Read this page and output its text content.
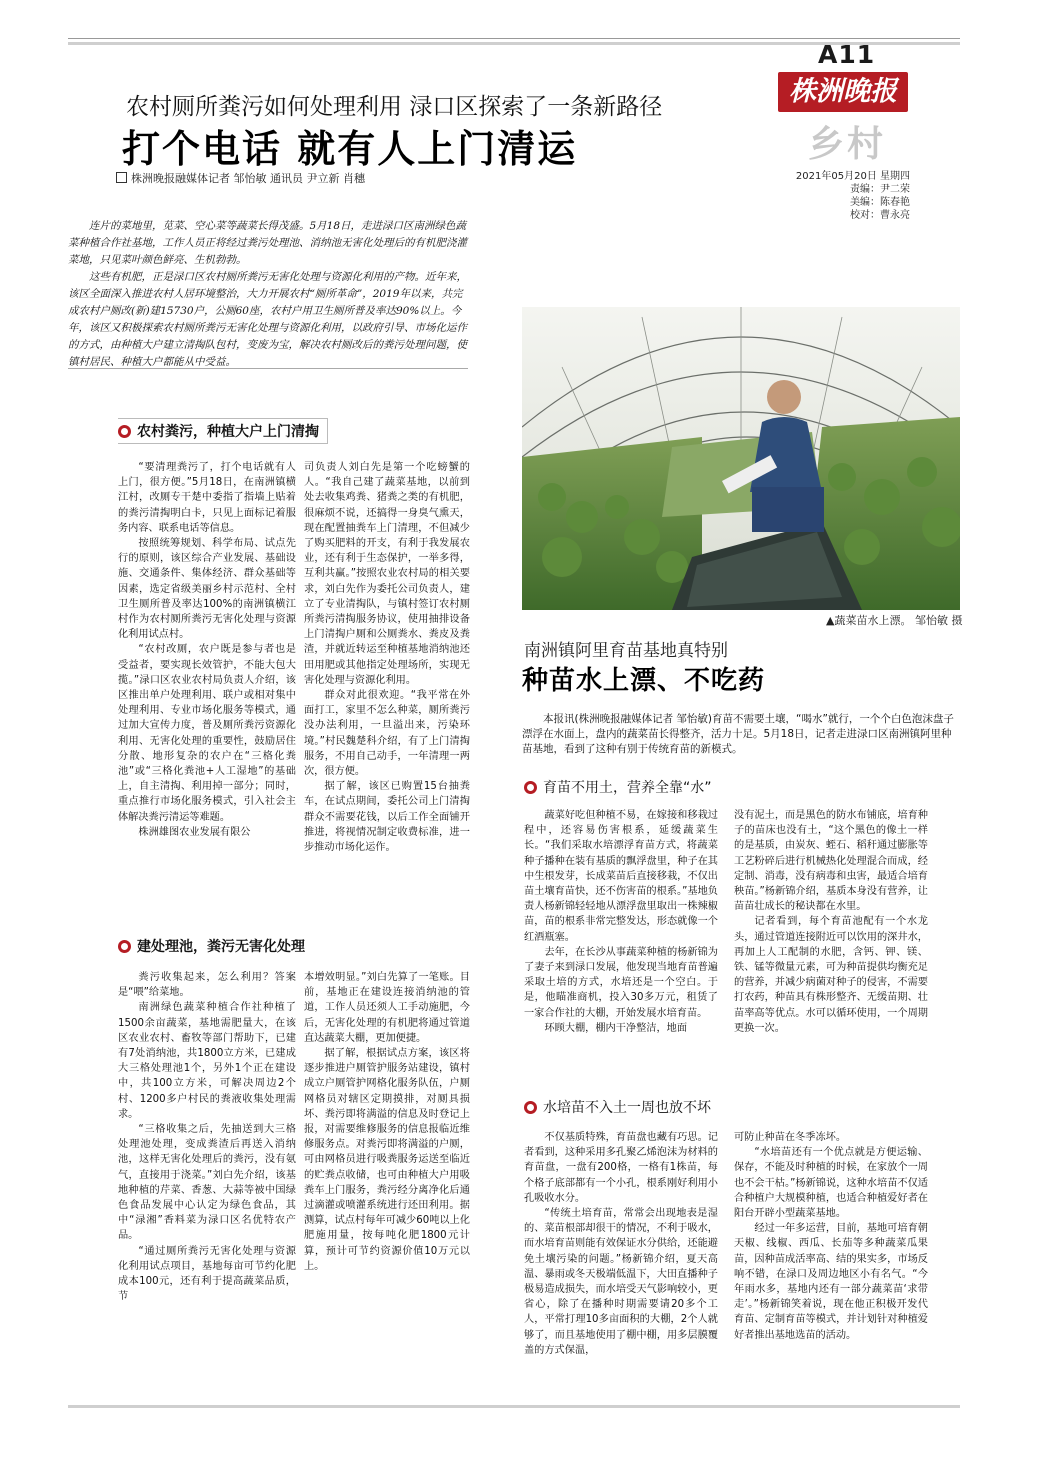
A11
株洲晚报
乡村
2021年05月20日 星期四
责编：尹二荣
美编：陈春艳
校对：曹永亮
农村厕所粪污如何处理利用 渌口区探索了一条新路径
打个电话 就有人上门清运
株洲晚报融媒体记者 邹怡敏 通讯员 尹立新 肖穗

连片的菜地里，苋菜、空心菜等蔬菜长得茂盛。5月18日，走进渌口区南洲绿色蔬菜种植合作社基地，工作人员正将经过粪污处理池、消纳池无害化处理后的有机肥浇灌菜地，只见菜叶颜色鲜亮、生机勃勃。

这些有机肥，正是渌口区农村厕所粪污无害化处理与资源化利用的产物。近年来，该区全面深入推进农村人居环境整治，大力开展农村“厕所革命”，2019年以来，共完成农村户厕改(新)建15730户，公厕60座，农村户用卫生厕所普及率达90%以上。今年，该区又积极探索农村厕所粪污无害化处理与资源化利用，以政府引导、市场化运作的方式，由种植大户建立清掏队包村，变废为宝，解决农村厕改后的粪污处理问题，使镇村居民、种植大户都能从中受益。

农村粪污，种植大户上门清掏

“要清理粪污了，打个电话就有人上门，很方便。”5月18日，在南洲镇横江村，改厕专干楚中委指了指墙上贴着的粪污清掏明白卡，只见上面标记着服务内容、联系电话等信息。

按照统筹规划、科学布局、试点先行的原则，该区综合产业发展、基础设施、交通条件、集体经济、群众基础等因素，选定省级美丽乡村示范村、全村卫生厕所普及率达100%的南洲镇横江村作为农村厕所粪污无害化处理与资源化利用试点村。

“农村改厕，农户既是参与者也是受益者，要实现长效管护，不能大包大揽。”渌口区农业农村局负责人介绍，该区推出单户处理利用、联户或相对集中处理利用、专业市场化服务等模式，通过加大宣传力度，普及厕所粪污资源化利用、无害化处理的重要性，鼓励居住分散、地形复杂的农户在“三格化粪池”或“三格化粪池+人工湿地”的基础上，自主清掏、利用掉一部分；同时，重点推行市场化服务模式，引入社会主体解决粪污清运等难题。

株洲雄图农业发展有限公

司负责人刘白先是第一个吃螃蟹的人。“我自己建了蔬菜基地，以前到处去收集鸡粪、猪粪之类的有机肥，很麻烦不说，还搞得一身臭气熏天，现在配置抽粪车上门清理，不但减少了购买肥料的开支，有利于我发展农业，还有利于生态保护，一举多得，互利共赢。”按照农业农村局的相关要求，刘白先作为委托公司负责人，建立了专业清掏队，与镇村签订农村厕所粪污清掏服务协议，使用抽排设备上门清掏户厕和公厕粪水、粪皮及粪渣，并就近转运至种植基地消纳池还田用肥或其他指定处理场所，实现无害化处理与资源化利用。

群众对此很欢迎。“我平常在外面打工，家里不怎么种菜，厕所粪污没办法利用，一旦溢出来，污染环境。”村民魏楚科介绍，有了上门清掏服务，不用自己动手，一年清理一两次，很方便。

据了解，该区已购置15台抽粪车，在试点期间，委托公司上门清掏群众不需要花钱，以后工作全面铺开推进，将视情况制定收费标准，进一步推动市场化运作。

建处理池，粪污无害化处理

粪污收集起来，怎么利用？答案是“喂”给菜地。

南洲绿色蔬菜种植合作社种植了1500余亩蔬菜，基地需肥量大，在该区农业农村、畜牧等部门帮助下，已建有7处消纳池，共1800立方米，已建成大三格处理池1个，另外1个正在建设中，共100立方米，可解决周边2个村、1200多户村民的粪液收集处理需求。

“三格收集之后，先抽送到大三格处理池处理，变成粪渣后再送入消纳池，这样无害化处理后的粪污，没有氨气，直接用于浇菜。”刘白先介绍，该基地种植的芹菜、香葱、大蒜等被中国绿色食品发展中心认定为绿色食品，其中“渌湘”香料菜为渌口区名优特农产品。

“通过厕所粪污无害化处理与资源化利用试点项目，基地每亩可节约化肥成本100元，还有利于提高蔬菜品质，节

本增效明显。”刘白先算了一笔账。目前，基地正在建设连接消纳池的管道，工作人员还须人工手动施肥，今后，无害化处理的有机肥将通过管道直达蔬菜大棚，更加便捷。

据了解，根据试点方案，该区将逐步推进户厕管护服务站建设，镇村成立户厕管护网格化服务队伍，户厕网格员对辖区定期摸排，对厕具损坏、粪污即将满溢的信息及时登记上报，对需要维修服务的信息报临近维修服务点。对粪污即将满溢的户厕，可由网格员进行吸粪服务运送至临近的贮粪点收储，也可由种植大户用吸粪车上门服务，粪污经分离净化后通过滴灌或喷灌系统进行还田利用。据测算，试点村每年可减少60吨以上化肥施用量，按每吨化肥1800元计算，预计可节约资源价值10万元以上。

▲蔬菜苗水上漂。 邹怡敏 摄
南洲镇阿里育苗基地真特别
种苗水上漂、不吃药

本报讯(株洲晚报融媒体记者 邹怡敏)育苗不需要土壤，“喝水”就行，一个个白色泡沫盘子漂浮在水面上，盘内的蔬菜苗长得整齐，活力十足。5月18日，记者走进渌口区南洲镇阿里种苗基地，看到了这种有别于传统育苗的新模式。

育苗不用土，营养全靠“水”

蔬菜好吃但种植不易，在嫁接和移栽过程中，还容易伤害根系，延缓蔬菜生长。“我们采取水培漂浮育苗方式，将蔬菜种子播种在装有基质的飘浮盘里，种子在其中生根发芽，长成菜苗后直接移栽，不仅出苗土壤育苗快，还不伤害苗的根系。”基地负责人杨新锦轻轻地从漂浮盘里取出一株辣椒苗，苗的根系非常完整发达，形态就像一个红酒瓶塞。

去年，在长沙从事蔬菜种植的杨新锦为了妻子来到渌口发展，他发现当地育苗普遍采取土培的方式，水培还是一个空白。于是，他瞄准商机，投入30多万元，租赁了一家合作社的大棚，开始发展水培育苗。

环顾大棚，棚内干净整洁，地面

没有泥土，而是黑色的防水布铺底，培育种子的苗床也没有土，“这个黑色的像土一样的是基质，由炭灰、蛭石、稻秆通过膨胀等工艺粉碎后进行机械热化处理混合而成，经定制、消毒，没有病毒和虫害，最适合培育秧苗。”杨新锦介绍，基质本身没有营养，让苗苗壮成长的秘诀都在水里。

记者看到，每个育苗池配有一个水龙头，通过管道连接附近可以饮用的深井水，再加上人工配制的水肥，含钙、钾、镁、铁、锰等微量元素，可为种苗提供均衡充足的营养，并减少病菌对种子的侵害，不需要打农药，种苗具有株形整齐、无缓苗期、壮苗率高等优点。水可以循环使用，一个周期更换一次。

水培苗不入土一周也放不坏

不仅基质特殊，育苗盘也藏有巧思。记者看到，这种采用多孔聚乙烯泡沫为材料的育苗盘，一盘有200格，一格有1株苗，每个格子底部都有一个小孔，根系刚好利用小孔吸收水分。

“传统土培育苗，常常会出现地表是湿的、菜苗根部却很干的情况，不利于吸水，而水培育苗则能有效保证水分供给，还能避免土壤污染的问题。”杨新锦介绍，夏天高温、暴雨或冬天极端低温下，大田直播种子极易造成损失，而水培受天气影响较小，更省心，除了在播种时期需要请20多个工人，平常打理10多亩面积的大棚，2个人就够了，而且基地使用了棚中棚，用多层膜覆盖的方式保温，

可防止种苗在冬季冻坏。

“水培苗还有一个优点就是方便运输、保存，不能及时种植的时候，在家放个一周也不会干枯。”杨新锦说，这种水培苗不仅适合种植户大规模种植，也适合种植爱好者在阳台开辟小型蔬菜基地。

经过一年多运营，目前，基地可培育朝天椒、线椒、西瓜、长茄等多种蔬菜瓜果苗，因种苗成活率高、结的果实多，市场反响不错，在渌口及周边地区小有名气。“今年雨水多，基地内还有一部分蔬菜苗‘求带走’。”杨新锦笑着说，现在他正积极开发代育苗、定制育苗等模式，并计划针对种植爱好者推出基地选苗的活动。
